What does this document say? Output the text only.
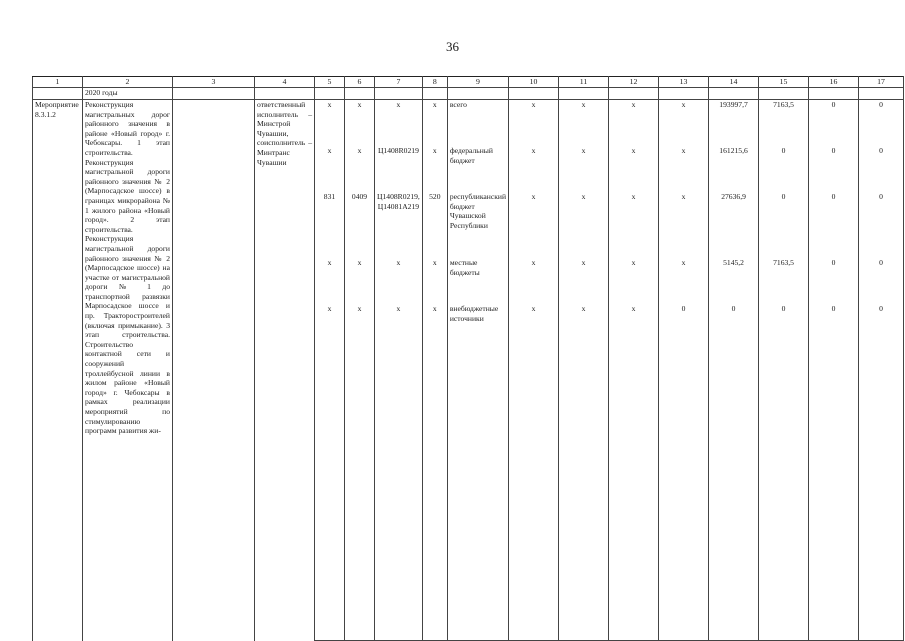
36
1	2	3	4	5	6	7	8	9	10	11	12	13	14	15	16	17
	2020 годы															
Мероприятие 8.3.1.2	Реконструкция магистральных дорог районного значения в районе «Новый город» г. Чебоксары. 1 этап строительства. Реконструкция магистральной дороги районного значения № 2 (Марпосадское шоссе) в границах микрорайона № 1 жилого района «Новый город». 2 этап строительства. Реконструкция магистральной дороги районного значения № 2 (Марпосадское шоссе) на участке от магистральной дороги № 1 до транспортной развязки Марпосадское шоссе и пр. Тракторостроителей (включая примыкание). 3 этап строительства. Строительство контактной сети и сооружений троллейбусной линии в жилом районе «Новый город» г. Чебоксары в рамках реализации мероприятий по стимулированию программ развития жи-		ответственный исполнитель – Минстрой Чувашии, соисполнитель – Минтранс Чувашии	x	x	x	x	всего	x	x	x	x	193997,7	7163,5	0	0
				x	x	Ц1408R0219	x	федеральный бюджет	x	x	x	x	161215,6	0	0	0
				831	0409	Ц1408R0219, Ц14081А219	520	республиканский бюджет Чувашской Республики	x	x	x	x	27636,9	0	0	0
				x	x	x	x	местные бюджеты	x	x	x	x	5145,2	7163,5	0	0
				x	x	x	x	внебюджетные источники	x	x	x	0	0	0	0	0
